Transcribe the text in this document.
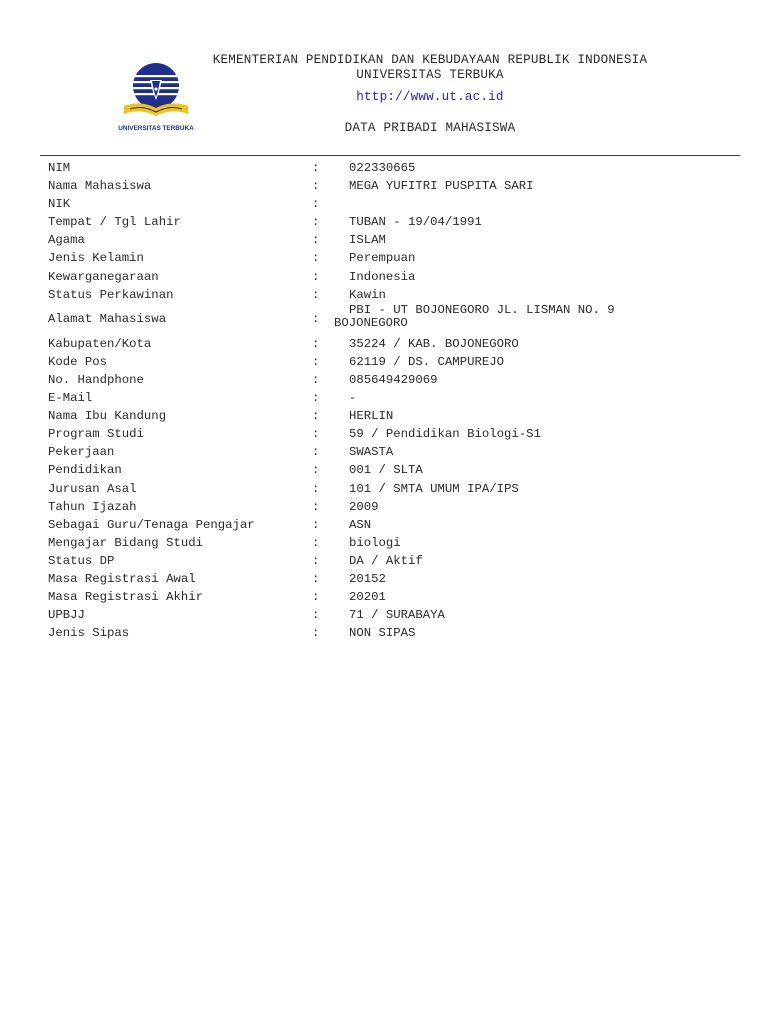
UNIVERSITAS TERBUKA
KEMENTERIAN PENDIDIKAN DAN KEBUDAYAAN REPUBLIK INDONESIA
UNIVERSITAS TERBUKA
http://www.ut.ac.id
DATA PRIBADI MAHASISWA
NIM	: 022330665
Nama Mahasiswa	: MEGA YUFITRI PUSPITA SARI
NIK	:
Tempat / Tgl Lahir	: TUBAN - 19/04/1991
Agama	: ISLAM
Jenis Kelamin	: Perempuan
Kewarganegaraan	: Indonesia
Status Perkawinan	: Kawin
Alamat Mahasiswa	:
PBI - UT BOJONEGORO JL. LISMAN NO. 9
BOJONEGORO
Kabupaten/Kota	: 35224 / KAB. BOJONEGORO
Kode Pos	: 62119 / DS. CAMPUREJO
No. Handphone	: 085649429069
E-Mail	: -
Nama Ibu Kandung	: HERLIN
Program Studi	: 59 / Pendidikan Biologi-S1
Pekerjaan	: SWASTA
Pendidikan	: 001 / SLTA
Jurusan Asal	: 101 / SMTA UMUM IPA/IPS
Tahun Ijazah	: 2009
Sebagai Guru/Tenaga Pengajar	: ASN
Mengajar Bidang Studi	: biologi
Status DP	: DA / Aktif
Masa Registrasi Awal	: 20152
Masa Registrasi Akhir	: 20201
UPBJJ	: 71 / SURABAYA
Jenis Sipas	: NON SIPAS
